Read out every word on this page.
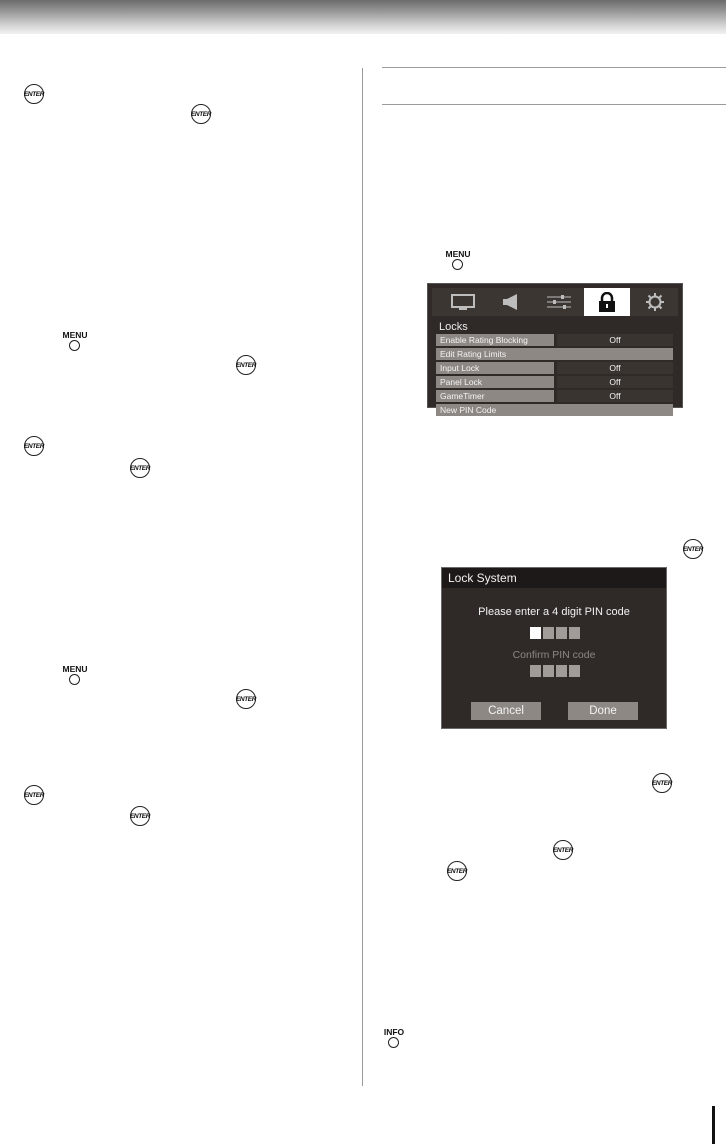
ENTER
ENTER
ENTER
ENTER
ENTER
ENTER
ENTER
ENTER
ENTER
ENTER
ENTER
ENTER
MENU
MENU
MENU
INFO
Locks
Enable Rating Blocking	Off
Edit Rating Limits
Input Lock	Off
Panel Lock	Off
GameTimer	Off
New PIN Code
Lock System
Please enter a 4 digit PIN code
Confirm PIN code
Cancel	Done
